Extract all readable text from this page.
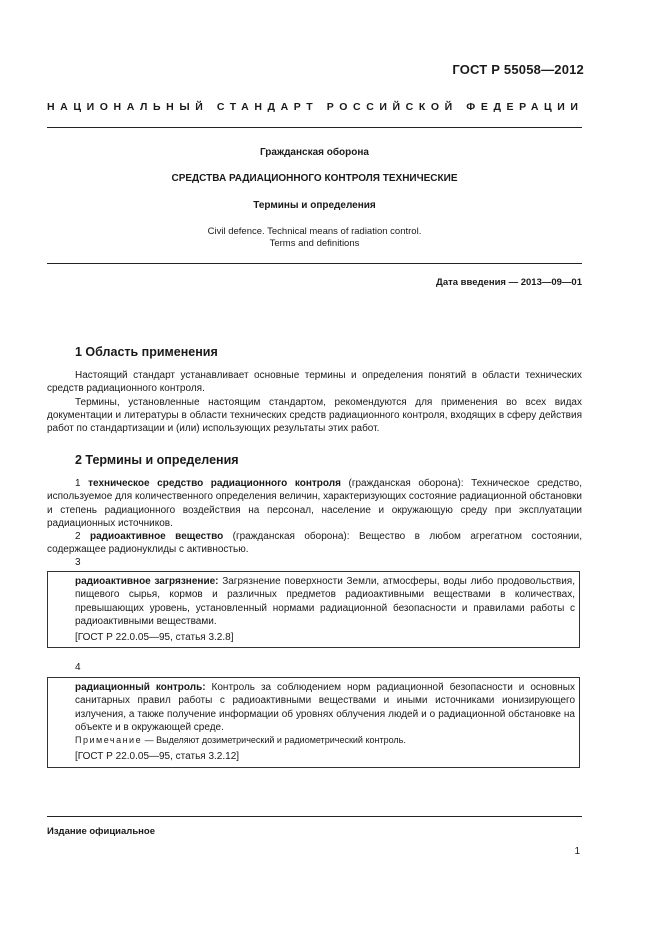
ГОСТ Р 55058—2012
НАЦИОНАЛЬНЫЙ СТАНДАРТ РОССИЙСКОЙ ФЕДЕРАЦИИ
Гражданская оборона
СРЕДСТВА РАДИАЦИОННОГО КОНТРОЛЯ ТЕХНИЧЕСКИЕ
Термины и определения
Civil defence. Technical means of radiation control.
Terms and definitions
Дата введения — 2013—09—01
1 Область применения

Настоящий стандарт устанавливает основные термины и определения понятий в области технических средств радиационного контроля.

Термины, установленные настоящим стандартом, рекомендуются для применения во всех видах документации и литературы в области технических средств радиационного контроля, входящих в сферу действия работ по стандартизации и (или) использующих результаты этих работ.

2 Термины и определения

1 техническое средство радиационного контроля (гражданская оборона): Техническое средство, используемое для количественного определения величин, характеризующих состояние радиационной обстановки и степень радиационного воздействия на персонал, население и окружающую среду при эксплуатации радиационных источников.

2 радиоактивное вещество (гражданская оборона): Вещество в любом агрегатном состоянии, содержащее радионуклиды с активностью.

3

радиоактивное загрязнение: Загрязнение поверхности Земли, атмосферы, воды либо продовольствия, пищевого сырья, кормов и различных предметов радиоактивными веществами в количествах, превышающих уровень, установленный нормами радиационной безопасности и правилами работы с радиоактивными веществами.

[ГОСТ Р 22.0.05—95, статья 3.2.8]

4

радиационный контроль: Контроль за соблюдением норм радиационной безопасности и основных санитарных правил работы с радиоактивными веществами и иными источниками ионизирующего излучения, а также получение информации об уровнях облучения людей и о радиационной обстановке на объекте и в окружающей среде.

Примечание — Выделяют дозиметрический и радиометрический контроль.

[ГОСТ Р 22.0.05—95, статья 3.2.12]

Издание официальное
1
